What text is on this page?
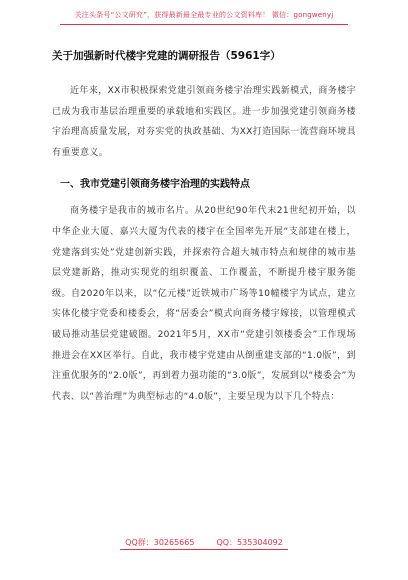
关注头条号“公文研究”，获得最新最全最专业的公文资料库！ 微信：gongwenyj
关于加强新时代楼宇党建的调研报告（5961字）

近年来，XX市积极探索党建引领商务楼宇治理实践新模式，商务楼宇已成为我市基层治理重要的承载地和实践区。进一步加强党建引领商务楼宇治理高质量发展，对夯实党的执政基础、为XX打造国际一流营商环境具有重要意义。

一、我市党建引领商务楼宇治理的实践特点

商务楼宇是我市的城市名片。从20世纪90年代末21世纪初开始，以中华企业大厦、嘉兴大厦为代表的楼宇在全国率先开展“支部建在楼上，党建落到实处”党建创新实践，并探索符合超大城市特点和规律的城市基层党建新路，推动实现党的组织覆盖、工作覆盖，不断提升楼宇服务能级。自2020年以来，以“亿元楼”近铁城市广场等10幢楼宇为试点，建立实体化楼宇党委和楼委会，将“居委会”模式向商务楼宇嫁接，以管理模式破局推动基层党建破圈。2021年5月，XX市“党建引领楼委会”工作现场推进会在XX区举行。自此，我市楼宇党建由从倒重建支部的“1.0版”，到注重优服务的“2.0版”，再到着力强功能的“3.0版”，发展到以“楼委会”为代表、以“善治理”为典型标志的“4.0版”，主要呈现为以下几个特点：

QQ群：30265665	QQ：535304092
